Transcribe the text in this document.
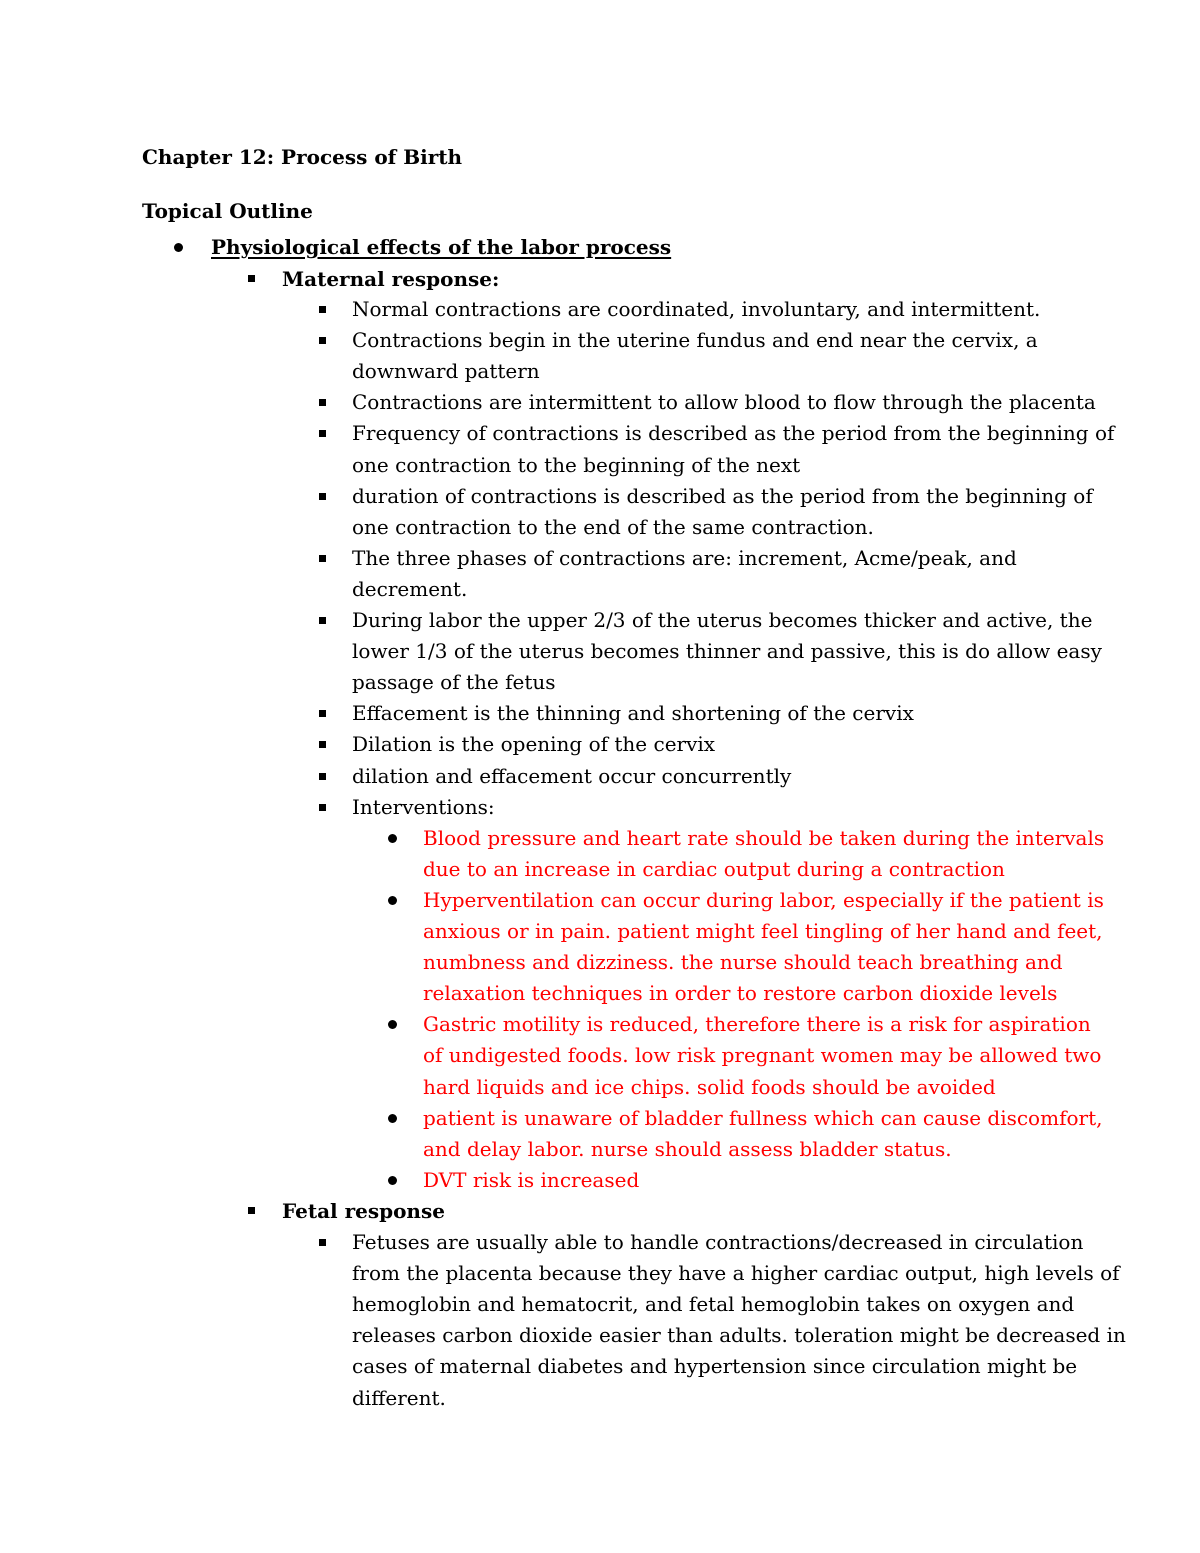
Chapter 12: Process of Birth
Topical Outline
Physiological effects of the labor process
Maternal response:
Normal contractions are coordinated, involuntary, and intermittent.
Contractions begin in the uterine fundus and end near the cervix, a
downward pattern
Contractions are intermittent to allow blood to flow through the placenta
Frequency of contractions is described as the period from the beginning of
one contraction to the beginning of the next
duration of contractions is described as the period from the beginning of
one contraction to the end of the same contraction.
The three phases of contractions are: increment, Acme/peak, and
decrement.
During labor the upper 2/3 of the uterus becomes thicker and active, the
lower 1/3 of the uterus becomes thinner and passive, this is do allow easy
passage of the fetus
Effacement is the thinning and shortening of the cervix
Dilation is the opening of the cervix
dilation and effacement occur concurrently
Interventions:
Blood pressure and heart rate should be taken during the intervals
due to an increase in cardiac output during a contraction
Hyperventilation can occur during labor, especially if the patient is
anxious or in pain. patient might feel tingling of her hand and feet,
numbness and dizziness. the nurse should teach breathing and
relaxation techniques in order to restore carbon dioxide levels
Gastric motility is reduced, therefore there is a risk for aspiration
of undigested foods. low risk pregnant women may be allowed two
hard liquids and ice chips. solid foods should be avoided
patient is unaware of bladder fullness which can cause discomfort,
and delay labor. nurse should assess bladder status.
DVT risk is increased
Fetal response
Fetuses are usually able to handle contractions/decreased in circulation
from the placenta because they have a higher cardiac output, high levels of
hemoglobin and hematocrit, and fetal hemoglobin takes on oxygen and
releases carbon dioxide easier than adults. toleration might be decreased in
cases of maternal diabetes and hypertension since circulation might be
different.
